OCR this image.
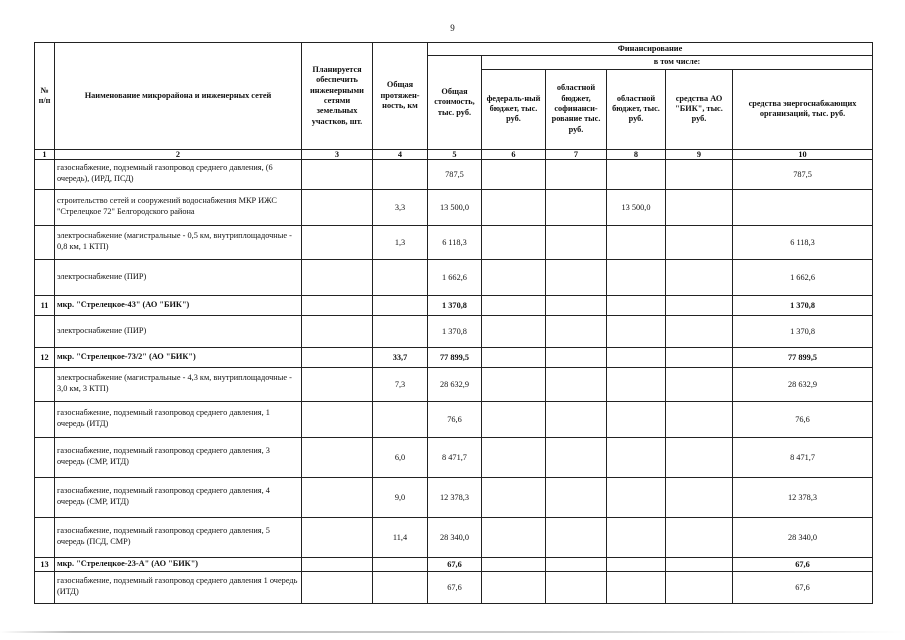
9
№ п/п	Наименование микрорайона и инженерных сетей	Планируется обеспечить инженерными сетями земельных участков, шт.	Общая протяжен-ность, км	Финансирование					
				Общая стоимость, тыс. руб.	в том числе:				
					федераль-ный бюджет, тыс. руб.	областной бюджет, софинанси-рование тыс. руб.	областной бюджет, тыс. руб.	средства АО "БИК", тыс. руб.	средства энергоснабжающих организаций, тыс. руб.
1	2	3	4	5	6	7	8	9	10
	газоснабжение, подземный газопровод среднего давления, (6 очередь), (ИРД, ПСД)			787,5					787,5
	строительство сетей и сооружений водоснабжения МКР ИЖС "Стрелецкое 72" Белгородского района		3,3	13 500,0			13 500,0		
	электроснабжение (магистральные - 0,5 км, внутриплощадочные - 0,8 км, 1 КТП)		1,3	6 118,3					6 118,3
	электроснабжение (ПИР)			1 662,6					1 662,6
11	мкр. "Стрелецкое-43" (АО "БИК")			1 370,8					1 370,8
	электроснабжение (ПИР)			1 370,8					1 370,8
12	мкр. "Стрелецкое-73/2" (АО "БИК")		33,7	77 899,5					77 899,5
	электроснабжение (магистральные - 4,3 км, внутриплощадочные - 3,0 км, 3 КТП)		7,3	28 632,9					28 632,9
	газоснабжение, подземный газопровод среднего давления, 1 очередь (ИТД)			76,6					76,6
	газоснабжение, подземный газопровод среднего давления, 3 очередь (СМР, ИТД)		6,0	8 471,7					8 471,7
	газоснабжение, подземный газопровод среднего давления, 4 очередь (СМР, ИТД)		9,0	12 378,3					12 378,3
	газоснабжение, подземный газопровод среднего давления, 5 очередь (ПСД, СМР)		11,4	28 340,0					28 340,0
13	мкр. "Стрелецкое-23-А" (АО "БИК")			67,6					67,6
	газоснабжение, подземный газопровод среднего давления 1 очередь (ИТД)			67,6					67,6
